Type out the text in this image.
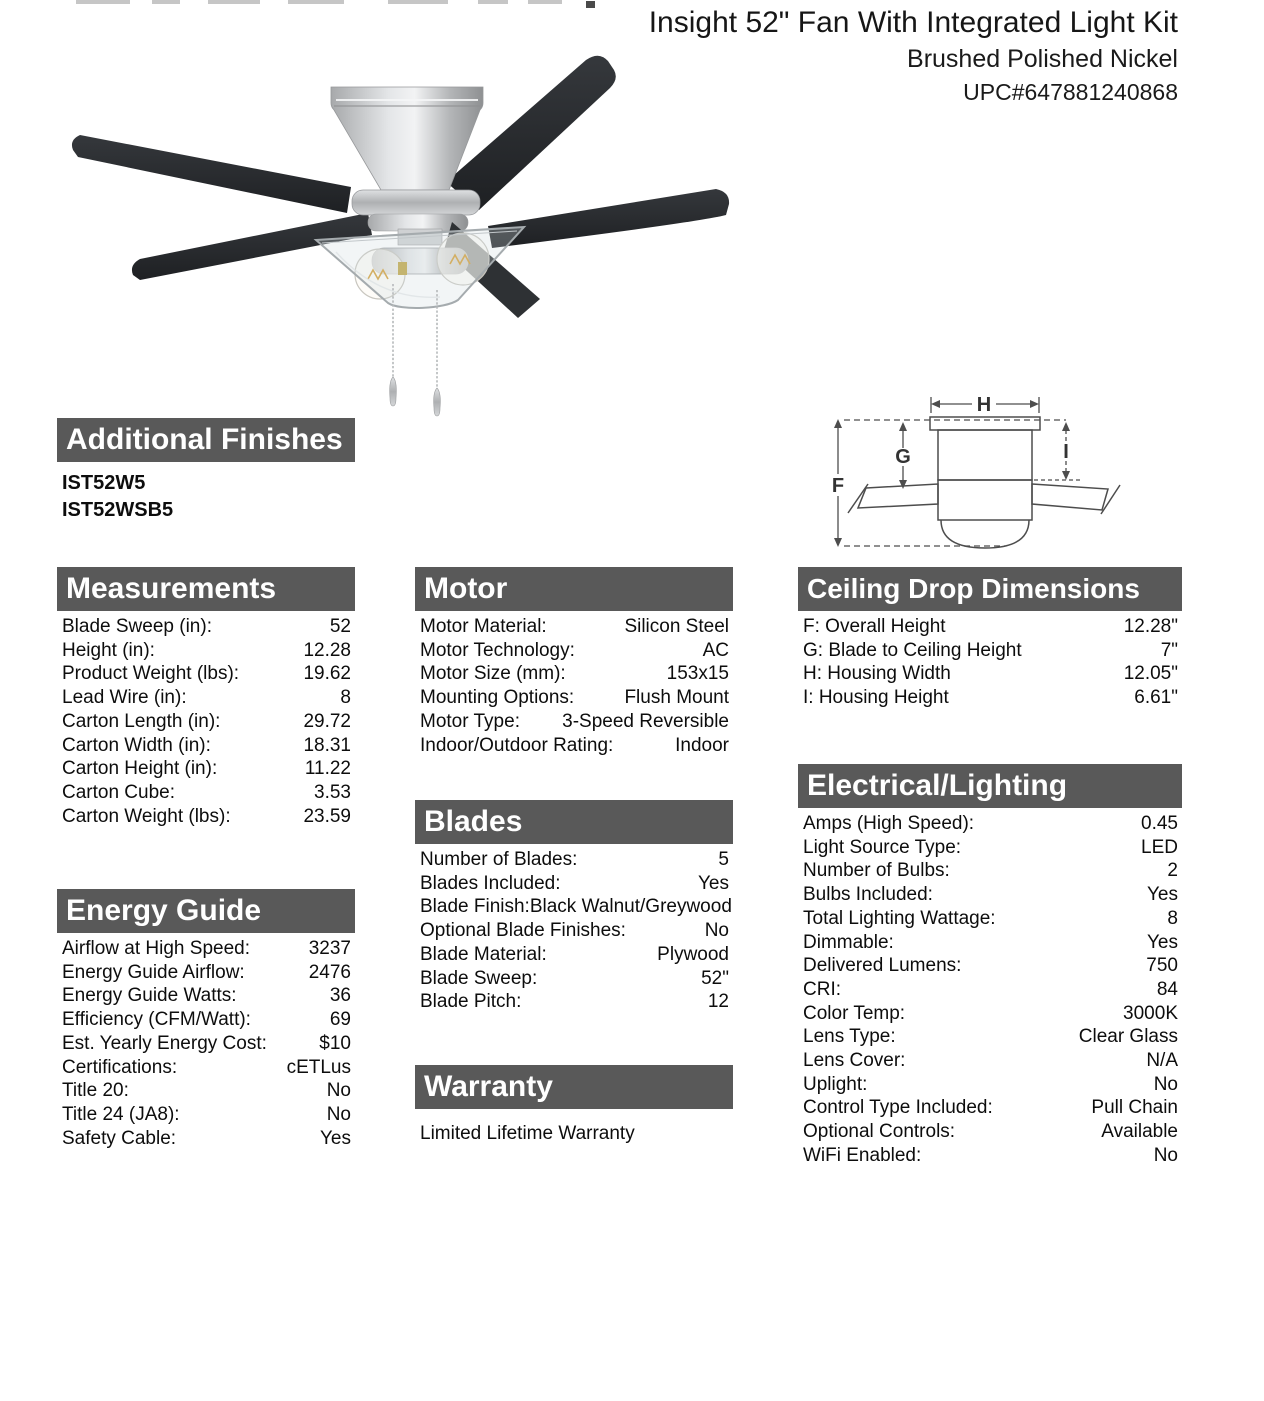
Insight 52" Fan With Integrated Light Kit
Brushed Polished Nickel
UPC#647881240868
H
F
G	I
Additional Finishes
IST52W5
IST52WSB5
Measurements
Blade Sweep (in):	52
Height (in):	12.28
Product Weight (lbs):	19.62
Lead Wire (in):	8
Carton Length (in):	29.72
Carton Width (in):	18.31
Carton Height (in):	11.22
Carton Cube:	3.53
Carton Weight (lbs):	23.59
Energy Guide
Airflow at High Speed:	3237
Energy Guide Airflow:	2476
Energy Guide Watts:	36
Efficiency (CFM/Watt):	69
Est. Yearly Energy Cost:	$10
Certifications:	cETLus
Title 20:	No
Title 24 (JA8):	No
Safety Cable:	Yes
Motor
Motor Material:	Silicon Steel
Motor Technology:	AC
Motor Size (mm):	153x15
Mounting Options:	Flush Mount
Motor Type: 3-Speed Reversible
Indoor/Outdoor Rating:	Indoor
Blades
Number of Blades:	5
Blades Included:	Yes
Blade Finish: Black Walnut/Greywood
Optional Blade Finishes:	No
Blade Material:	Plywood
Blade Sweep:	52"
Blade Pitch:	12
Warranty
Limited Lifetime Warranty
Ceiling Drop Dimensions
F: Overall Height	12.28"
G: Blade to Ceiling Height	7"
H: Housing Width	12.05"
I: Housing Height	6.61"
Electrical/Lighting
Amps (High Speed):	0.45
Light Source Type:	LED
Number of Bulbs:	2
Bulbs Included:	Yes
Total Lighting Wattage:	8
Dimmable:	Yes
Delivered Lumens:	750
CRI:	84
Color Temp:	3000K
Lens Type:	Clear Glass
Lens Cover:	N/A
Uplight:	No
Control Type Included:	Pull Chain
Optional Controls:	Available
WiFi Enabled:	No
